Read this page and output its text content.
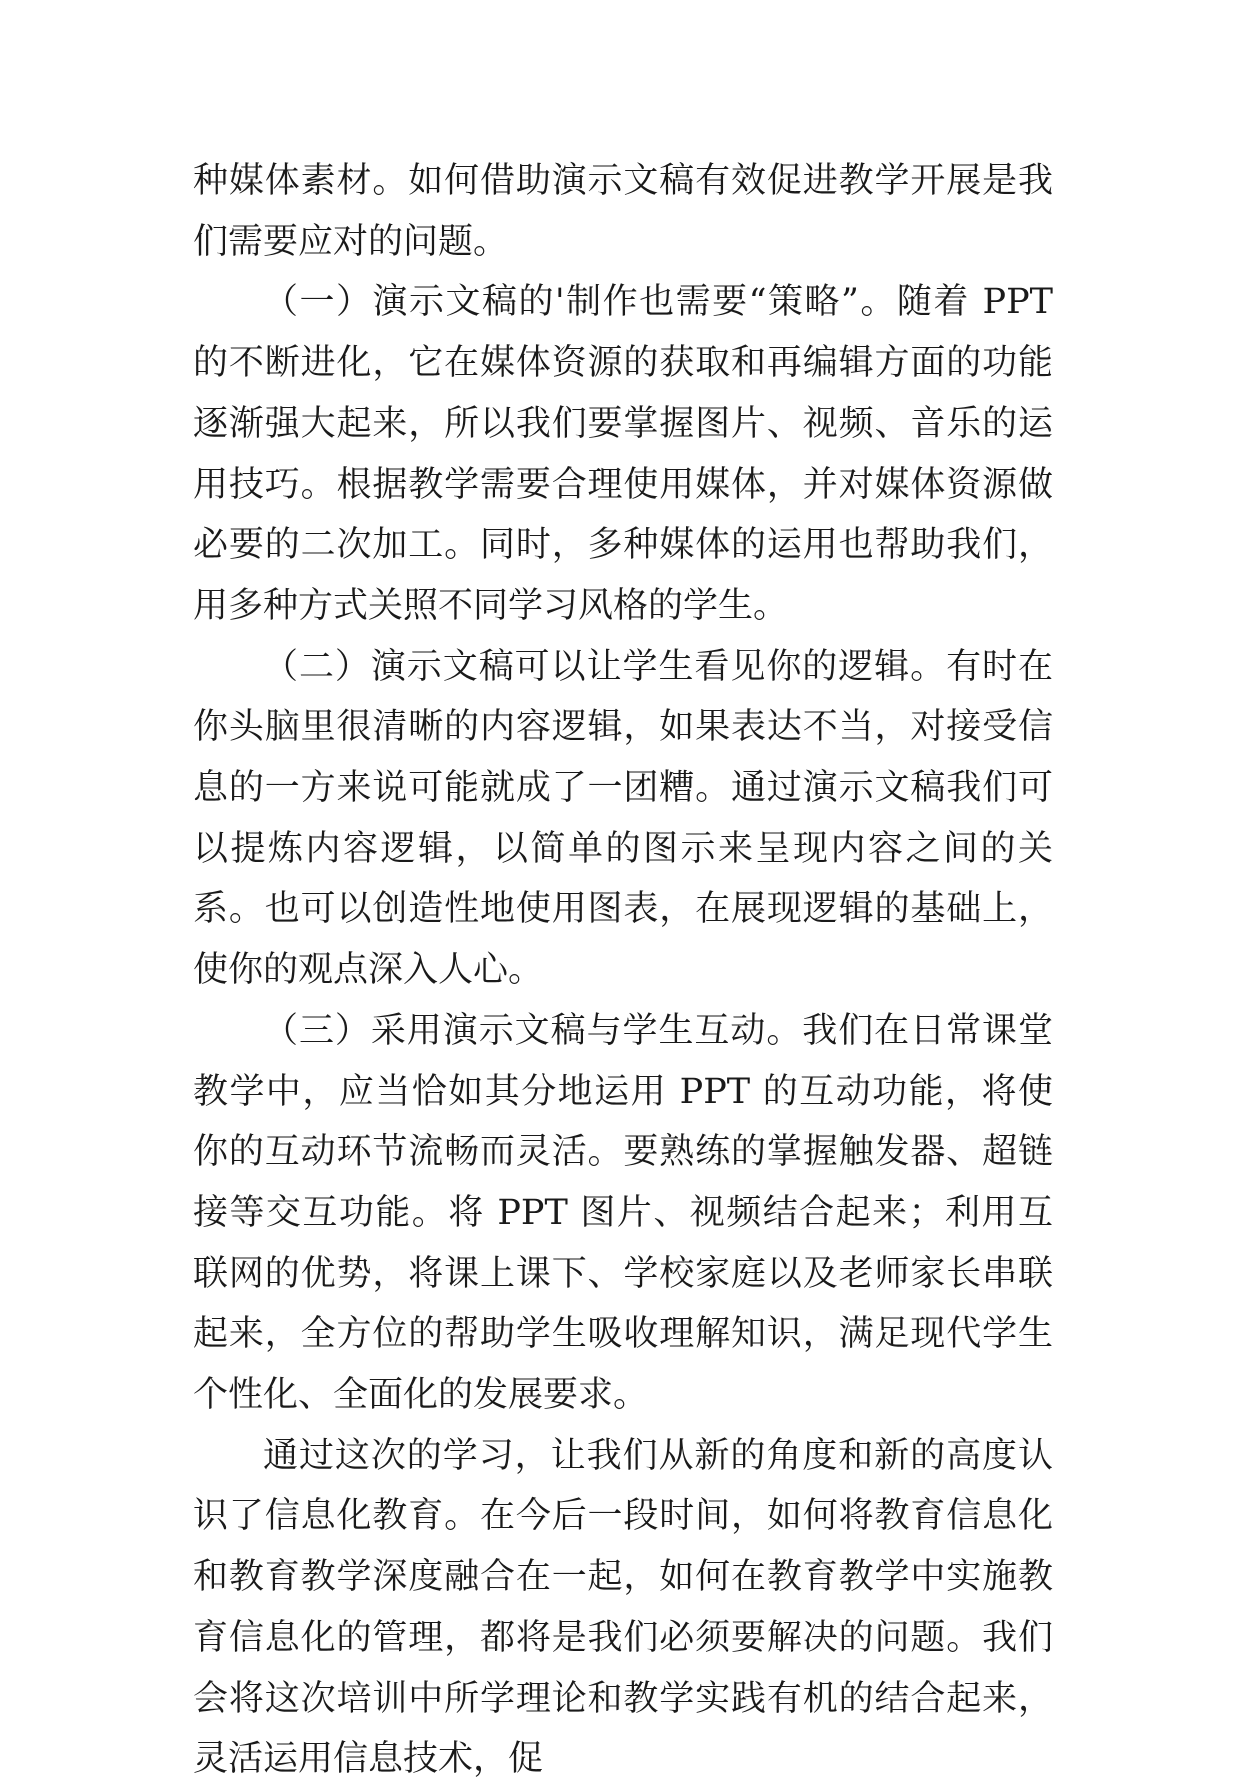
种媒体素材。如何借助演示文稿有效促进教学开展是我们需要应对的问题。

（一）演示文稿的'制作也需要“策略”。随着 PPT 的不断进化，它在媒体资源的获取和再编辑方面的功能逐渐强大起来，所以我们要掌握图片、视频、音乐的运用技巧。根据教学需要合理使用媒体，并对媒体资源做必要的二次加工。同时，多种媒体的运用也帮助我们，用多种方式关照不同学习风格的学生。

（二）演示文稿可以让学生看见你的逻辑。有时在你头脑里很清晰的内容逻辑，如果表达不当，对接受信息的一方来说可能就成了一团糟。通过演示文稿我们可以提炼内容逻辑，以简单的图示来呈现内容之间的关系。也可以创造性地使用图表，在展现逻辑的基础上，使你的观点深入人心。

（三）采用演示文稿与学生互动。我们在日常课堂教学中，应当恰如其分地运用 PPT 的互动功能，将使你的互动环节流畅而灵活。要熟练的掌握触发器、超链接等交互功能。将 PPT 图片、视频结合起来；利用互联网的优势，将课上课下、学校家庭以及老师家长串联起来，全方位的帮助学生吸收理解知识，满足现代学生个性化、全面化的发展要求。

通过这次的学习，让我们从新的角度和新的高度认识了信息化教育。在今后一段时间，如何将教育信息化和教育教学深度融合在一起，如何在教育教学中实施教育信息化的管理，都将是我们必须要解决的问题。我们会将这次培训中所学理论和教学实践有机的结合起来，灵活运用信息技术，促
